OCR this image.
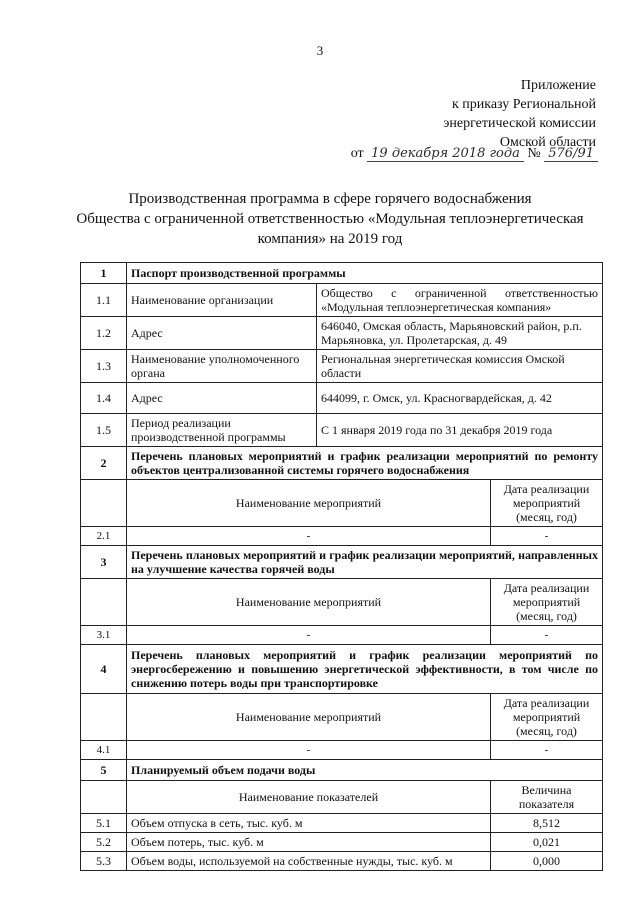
3
Приложение
к приказу Региональной
энергетической комиссии
Омской области
от 19 декабря 2018 года № 576/91
Производственная программа в сфере горячего водоснабжения
Общества с ограниченной ответственностью «Модульная теплоэнергетическая
компания» на 2019 год
1	Паспорт производственной программы		
1.1	Наименование организации	Общество с ограниченной ответственностью «Модульная теплоэнергетическая компания»	
1.2	Адрес	646040, Омская область, Марьяновский район, р.п. Марьяновка, ул. Пролетарская, д. 49	
1.3	Наименование уполномоченного органа	Региональная энергетическая комиссия Омской области	
1.4	Адрес	644099, г. Омск, ул. Красногвардейская, д. 42	
1.5	Период реализации производственной программы	С 1 января 2019 года по 31 декабря 2019 года	
2	Перечень плановых мероприятий и график реализации мероприятий по ремонту объектов централизованной системы горячего водоснабжения		
	Наименование мероприятий		Дата реализации мероприятий (месяц, год)
2.1	-		-
3	Перечень плановых мероприятий и график реализации мероприятий, направленных на улучшение качества горячей воды		
	Наименование мероприятий		Дата реализации мероприятий (месяц, год)
3.1	-		-
4	Перечень плановых мероприятий и график реализации мероприятий по энергосбережению и повышению энергетической эффективности, в том числе по снижению потерь воды при транспортировке		
	Наименование мероприятий		Дата реализации мероприятий (месяц, год)
4.1	-		-
5	Планируемый объем подачи воды		
	Наименование показателей		Величина показателя
5.1	Объем отпуска в сеть, тыс. куб. м		8,512
5.2	Объем потерь, тыс. куб. м		0,021
5.3	Объем воды, используемой на собственные нужды, тыс. куб. м		0,000
